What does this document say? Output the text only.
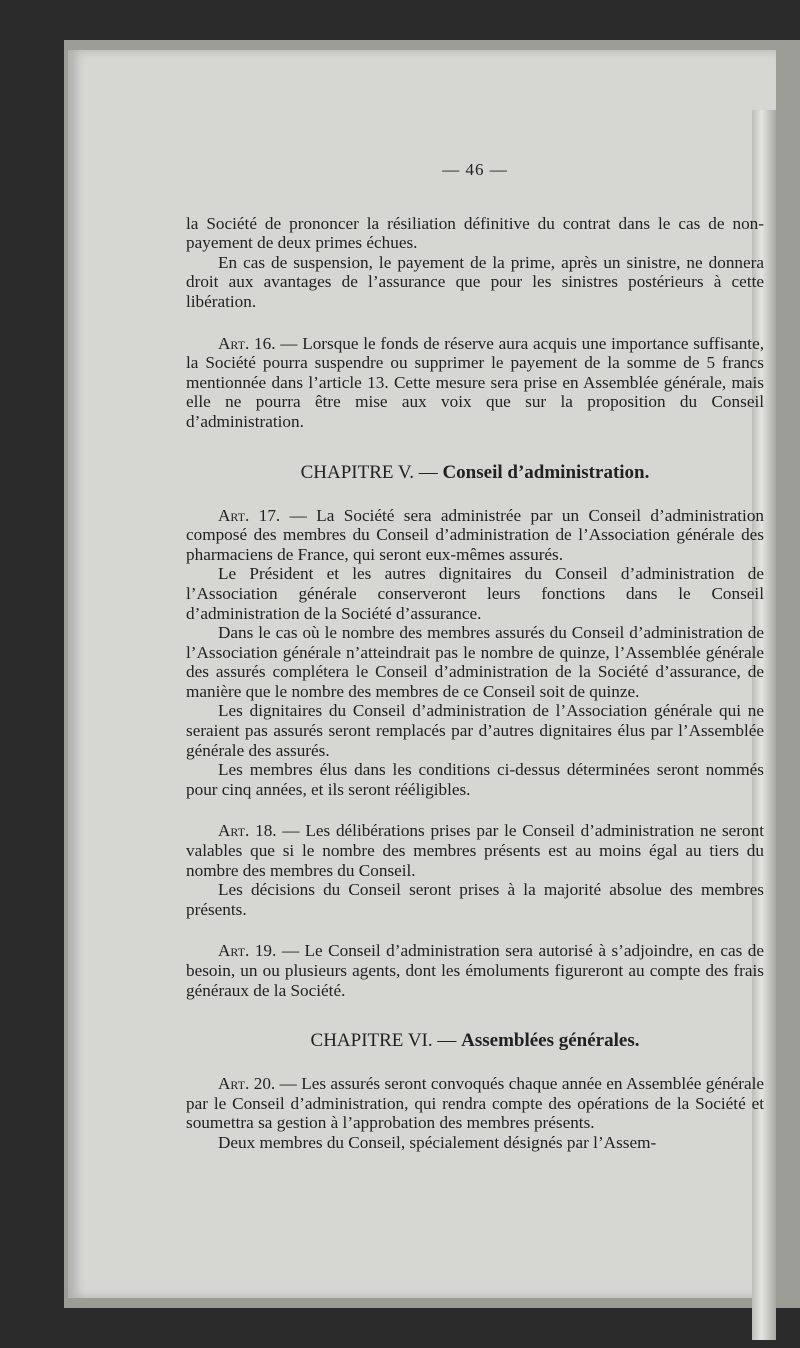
— 46 —

la Société de prononcer la résiliation définitive du contrat dans le cas de non-payement de deux primes échues.

En cas de suspension, le payement de la prime, après un sinistre, ne donnera droit aux avantages de l’assurance que pour les sinistres postérieurs à cette libération.

Art. 16. — Lorsque le fonds de réserve aura acquis une importance suffisante, la Société pourra suspendre ou supprimer le payement de la somme de 5 francs mentionnée dans l’article 13. Cette mesure sera prise en Assemblée générale, mais elle ne pourra être mise aux voix que sur la proposition du Conseil d’administration.

CHAPITRE V. — Conseil d’administration.

Art. 17. — La Société sera administrée par un Conseil d’administration composé des membres du Conseil d’administration de l’Association générale des pharmaciens de France, qui seront eux-mêmes assurés.

Le Président et les autres dignitaires du Conseil d’administration de l’Association générale conserveront leurs fonctions dans le Conseil d’administration de la Société d’assurance.

Dans le cas où le nombre des membres assurés du Conseil d’administration de l’Association générale n’atteindrait pas le nombre de quinze, l’Assemblée générale des assurés complétera le Conseil d’administration de la Société d’assurance, de manière que le nombre des membres de ce Conseil soit de quinze.

Les dignitaires du Conseil d’administration de l’Association générale qui ne seraient pas assurés seront remplacés par d’autres dignitaires élus par l’Assemblée générale des assurés.

Les membres élus dans les conditions ci-dessus déterminées seront nommés pour cinq années, et ils seront rééligibles.

Art. 18. — Les délibérations prises par le Conseil d’administration ne seront valables que si le nombre des membres présents est au moins égal au tiers du nombre des membres du Conseil.

Les décisions du Conseil seront prises à la majorité absolue des membres présents.

Art. 19. — Le Conseil d’administration sera autorisé à s’adjoindre, en cas de besoin, un ou plusieurs agents, dont les émoluments figureront au compte des frais généraux de la Société.

CHAPITRE VI. — Assemblées générales.

Art. 20. — Les assurés seront convoqués chaque année en Assemblée générale par le Conseil d’administration, qui rendra compte des opérations de la Société et soumettra sa gestion à l’approbation des membres présents.

Deux membres du Conseil, spécialement désignés par l’Assem-
